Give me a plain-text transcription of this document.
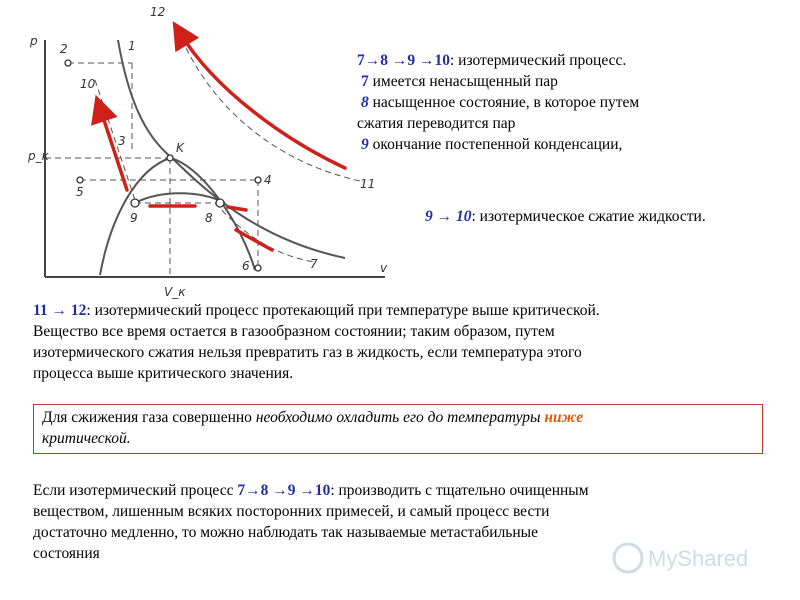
p
v
p_к
V_к
12
2	1
10
3	K
5
4
9	8
6	7
11
7→8 →9 →10: изотермический процесс.
7 имеется ненасыщенный пар
8 насыщенное состояние, в которое путем
сжатия переводится пар
9 окончание постепенной конденсации,
9 → 10: изотермическое сжатие жидкости.
11 → 12: изотермический процесс протекающий при температуре выше критической.
Вещество все время остается в газообразном состоянии; таким образом, путем
изотермического сжатия нельзя превратить газ в жидкость, если температура этого
процесса выше критического значения.
Для сжижения газа совершенно необходимо охладить его до температуры ниже
критической.
Если изотермический процесс 7→8 →9 →10: производить с тщательно очищенным
веществом, лишенным всяких посторонних примесей, и самый процесс вести
достаточно медленно, то можно наблюдать так называемые метастабильные
состояния	MyShared
